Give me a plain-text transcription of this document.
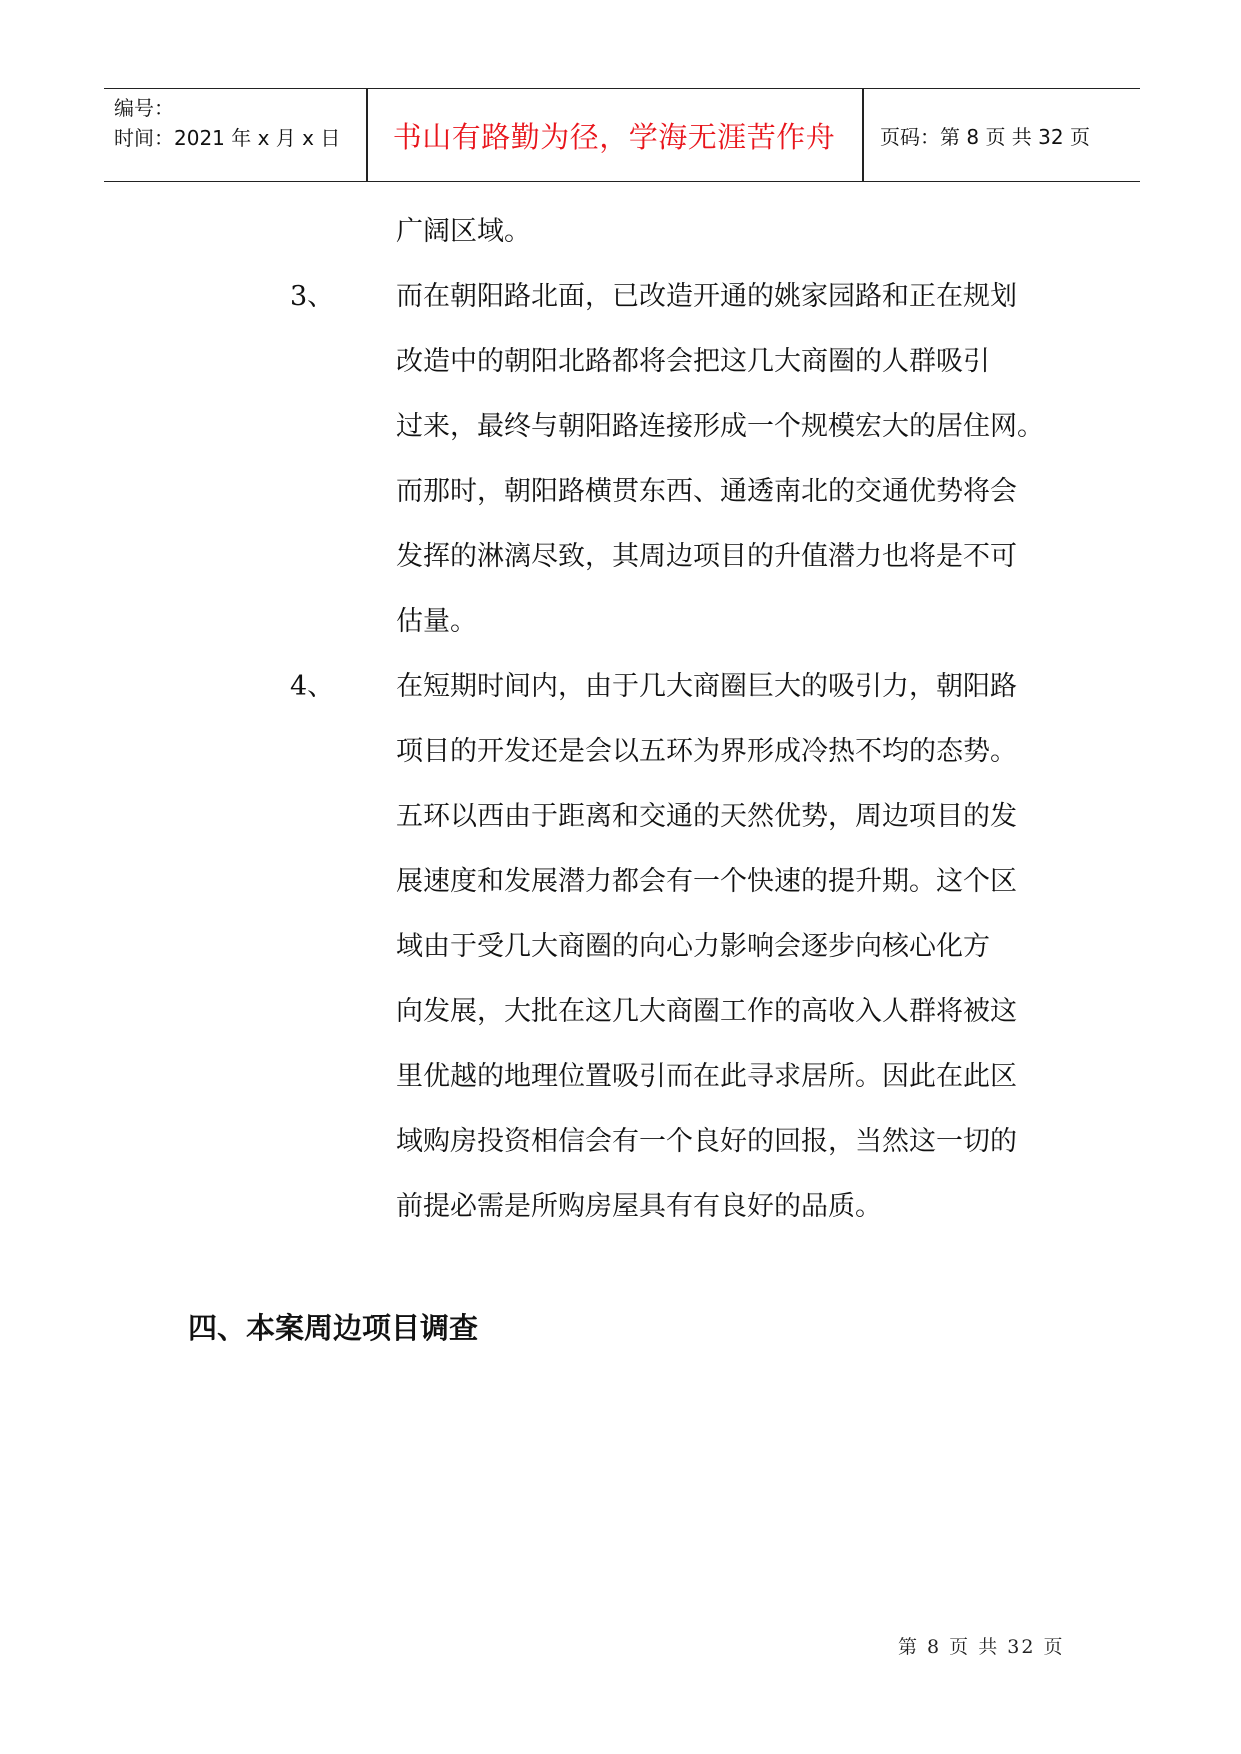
编号：
时间：2021 年 x 月 x 日	书山有路勤为径，学海无涯苦作舟	页码：第 8 页 共 32 页
广阔区域。
3、 而在朝阳路北面，已改造开通的姚家园路和正在规划
改造中的朝阳北路都将会把这几大商圈的人群吸引
过来，最终与朝阳路连接形成一个规模宏大的居住网。
而那时，朝阳路横贯东西、通透南北的交通优势将会
发挥的淋漓尽致，其周边项目的升值潜力也将是不可
估量。
4、 在短期时间内，由于几大商圈巨大的吸引力，朝阳路
项目的开发还是会以五环为界形成冷热不均的态势。
五环以西由于距离和交通的天然优势，周边项目的发
展速度和发展潜力都会有一个快速的提升期。这个区
域由于受几大商圈的向心力影响会逐步向核心化方
向发展，大批在这几大商圈工作的高收入人群将被这
里优越的地理位置吸引而在此寻求居所。因此在此区
域购房投资相信会有一个良好的回报，当然这一切的
前提必需是所购房屋具有有良好的品质。
四、本案周边项目调查
第 8 页 共 32 页
